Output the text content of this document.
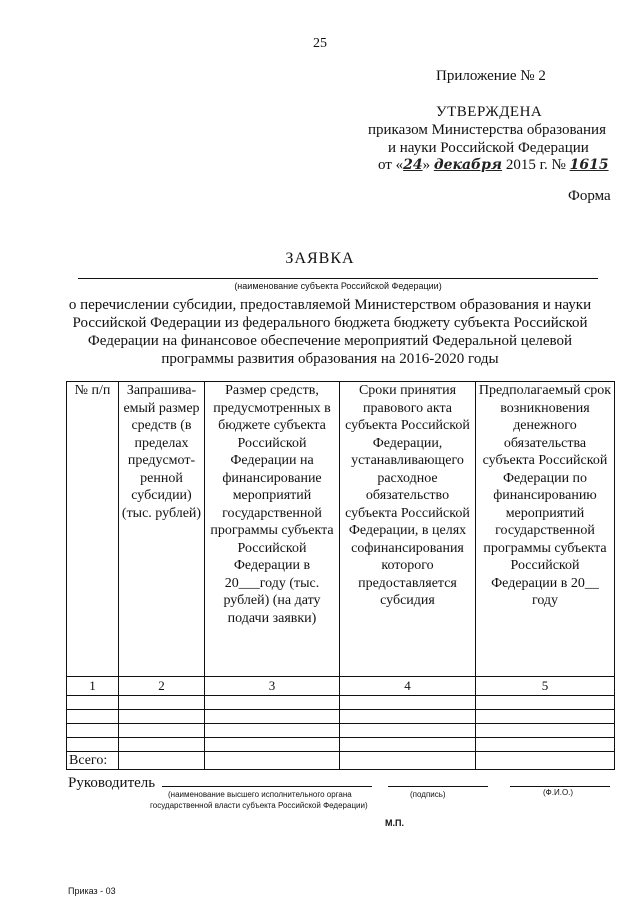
25
Приложение № 2
УТВЕРЖДЕНА
приказом Министерства образования
и науки Российской Федерации
от «24» декабря 2015 г. № 1615
Форма
ЗАЯВКА
(наименование субъекта Российской Федерации)
о перечислении субсидии, предоставляемой Министерством образования и науки Российской Федерации из федерального бюджета бюджету субъекта Российской Федерации на финансовое обеспечение мероприятий Федеральной целевой программы развития образования на 2016-2020 годы
№ п/п	Запрашива-емый размер средств (в пределах предусмот-ренной субсидии) (тыс. рублей)	Размер средств, предусмотренных в бюджете субъекта Российской Федерации на финансирование мероприятий государственной программы субъекта Российской Федерации в 20___году (тыс. рублей) (на дату подачи заявки)	Сроки принятия правового акта субъекта Российской Федерации, устанавливающего расходное обязательство субъекта Российской Федерации, в целях софинансирования которого предоставляется субсидия	Предполагаемый срок возникновения денежного обязательства субъекта Российской Федерации по финансированию мероприятий государственной программы субъекта Российской Федерации в 20__ году
1	2	3	4	5

Всего:				
Руководитель
(наименование высшего исполнительного органа
государственной власти субъекта Российской Федерации)
(подпись)	(Ф.И.О.)
М.П.
Приказ - 03
